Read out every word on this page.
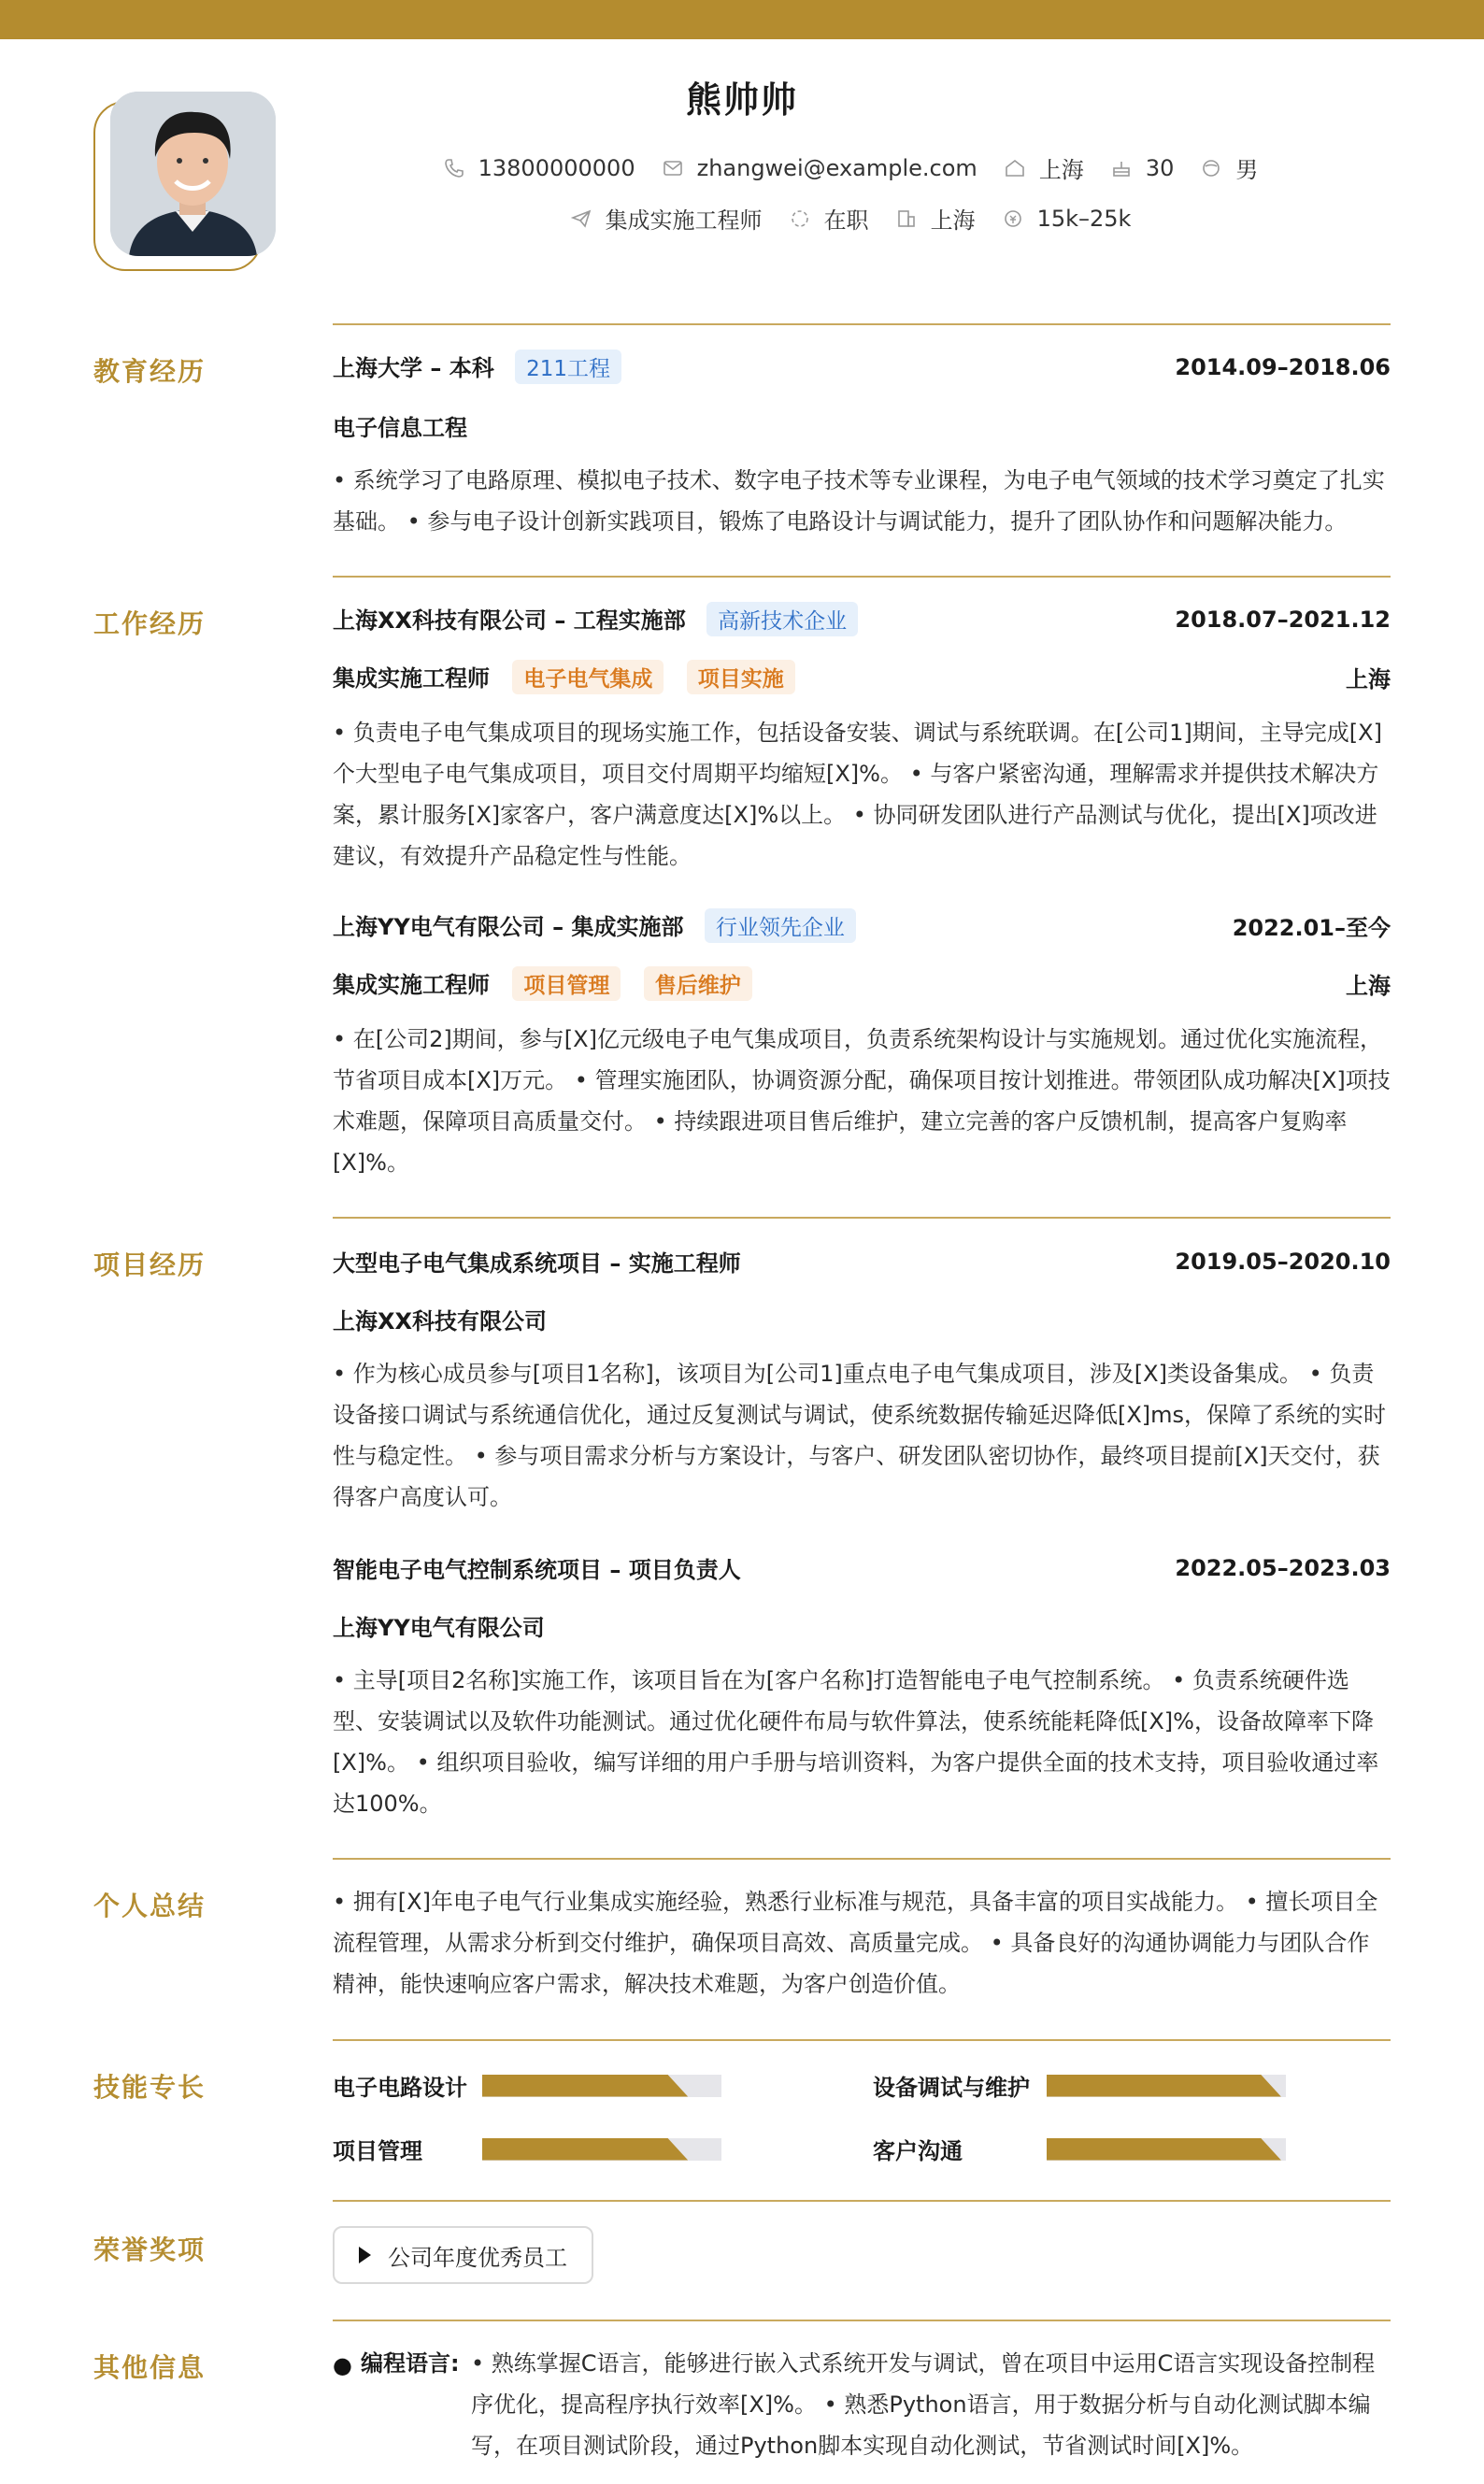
熊帅帅
13800000000	zhangwei@example.com	上海	30	男
集成实施工程师	在职	上海	15k–25k
教育经历	上海大学 – 本科 211工程	2014.09–2018.06
电子信息工程
• 系统学习了电路原理、模拟电子技术、数字电子技术等专业课程，为电子电气领域的技术学习奠定了扎实基础。 • 参与电子设计创新实践项目，锻炼了电路设计与调试能力，提升了团队协作和问题解决能力。
工作经历	上海XX科技有限公司 – 工程实施部 高新技术企业	2018.07–2021.12
集成实施工程师 电子电气集成 项目实施	上海
• 负责电子电气集成项目的现场实施工作，包括设备安装、调试与系统联调。在[公司1]期间，主导完成[X]个大型电子电气集成项目，项目交付周期平均缩短[X]%。 • 与客户紧密沟通，理解需求并提供技术解决方案，累计服务[X]家客户，客户满意度达[X]%以上。 • 协同研发团队进行产品测试与优化，提出[X]项改进建议，有效提升产品稳定性与性能。
上海YY电气有限公司 – 集成实施部 行业领先企业	2022.01–至今
集成实施工程师 项目管理 售后维护	上海
• 在[公司2]期间，参与[X]亿元级电子电气集成项目，负责系统架构设计与实施规划。通过优化实施流程，节省项目成本[X]万元。 • 管理实施团队，协调资源分配，确保项目按计划推进。带领团队成功解决[X]项技术难题，保障项目高质量交付。 • 持续跟进项目售后维护，建立完善的客户反馈机制，提高客户复购率[X]%。
项目经历	大型电子电气集成系统项目 – 实施工程师	2019.05–2020.10
上海XX科技有限公司
• 作为核心成员参与[项目1名称]，该项目为[公司1]重点电子电气集成项目，涉及[X]类设备集成。 • 负责设备接口调试与系统通信优化，通过反复测试与调试，使系统数据传输延迟降低[X]ms，保障了系统的实时性与稳定性。 • 参与项目需求分析与方案设计，与客户、研发团队密切协作，最终项目提前[X]天交付，获得客户高度认可。
智能电子电气控制系统项目 – 项目负责人	2022.05–2023.03
上海YY电气有限公司
• 主导[项目2名称]实施工作，该项目旨在为[客户名称]打造智能电子电气控制系统。 • 负责系统硬件选型、安装调试以及软件功能测试。通过优化硬件布局与软件算法，使系统能耗降低[X]%，设备故障率下降[X]%。 • 组织项目验收，编写详细的用户手册与培训资料，为客户提供全面的技术支持，项目验收通过率达100%。
个人总结	• 拥有[X]年电子电气行业集成实施经验，熟悉行业标准与规范，具备丰富的项目实战能力。 • 擅长项目全流程管理，从需求分析到交付维护，确保项目高效、高质量完成。 • 具备良好的沟通协调能力与团队合作精神，能快速响应客户需求，解决技术难题，为客户创造价值。
技能专长	电子电路设计	设备调试与维护
项目管理	客户沟通
荣誉奖项	公司年度优秀员工
其他信息	● 编程语言: • 熟练掌握C语言，能够进行嵌入式系统开发与调试，曾在项目中运用C语言实现设备控制程序优化，提高程序执行效率[X]%。 • 熟悉Python语言，用于数据分析与自动化测试脚本编写，在项目测试阶段，通过Python脚本实现自动化测试，节省测试时间[X]%。
